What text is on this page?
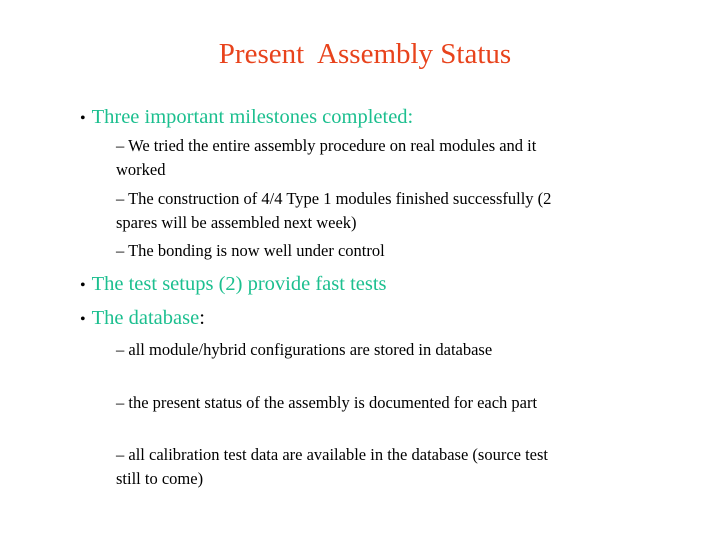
Present  Assembly Status
• Three important milestones completed:
– We tried the entire assembly procedure on real modules and it worked
– The construction of 4/4 Type 1 modules finished successfully (2 spares will be assembled next week)
– The bonding is now well under control
• The test setups (2) provide fast tests
• The database:
– all module/hybrid configurations are stored in database
– the present status of the assembly is documented for each part
– all calibration test data are available in the database (source test still to come)
